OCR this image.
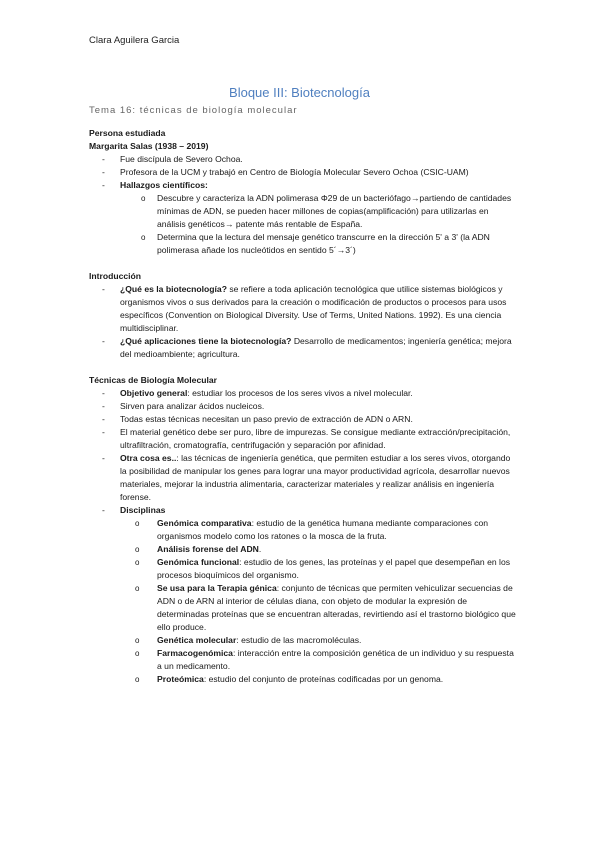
Clara Aguilera Garcia
Bloque III: Biotecnología
Tema 16: técnicas de biología molecular

Persona estudiada

Margarita Salas (1938 – 2019)

- Fue discípula de Severo Ochoa.
- Profesora de la UCM y trabajó en Centro de Biología Molecular Severo Ochoa (CSIC-UAM)
- Hallazgos científicos:
o Descubre y caracteriza la ADN polimerasa Φ29 de un bacteriófago→partiendo de cantidades mínimas de ADN, se pueden hacer millones de copias(amplificación) para utilizarlas en análisis genéticos→ patente más rentable de España.
o Determina que la lectura del mensaje genético transcurre en la dirección 5' a 3' (la ADN polimerasa añade los nucleótidos en sentido 5´→3´)

Introducción

- ¿Qué es la biotecnología? se refiere a toda aplicación tecnológica que utilice sistemas biológicos y organismos vivos o sus derivados para la creación o modificación de productos o procesos para usos específicos (Convention on Biological Diversity. Use of Terms, United Nations. 1992). Es una ciencia multidisciplinar.
- ¿Qué aplicaciones tiene la biotecnología? Desarrollo de medicamentos; ingeniería genética; mejora del medioambiente; agricultura.

Técnicas de Biología Molecular

- Objetivo general: estudiar los procesos de los seres vivos a nivel molecular.
- Sirven para analizar ácidos nucleicos.
- Todas estas técnicas necesitan un paso previo de extracción de ADN o ARN.
- El material genético debe ser puro, libre de impurezas. Se consigue mediante extracción/precipitación, ultrafiltración, cromatografía, centrifugación y separación por afinidad.
- Otra cosa es..: las técnicas de ingeniería genética, que permiten estudiar a los seres vivos, otorgando la posibilidad de manipular los genes para lograr una mayor productividad agrícola, desarrollar nuevos materiales, mejorar la industria alimentaria, caracterizar materiales y realizar análisis en ingeniería forense.
- Disciplinas
o Genómica comparativa: estudio de la genética humana mediante comparaciones con organismos modelo como los ratones o la mosca de la fruta.
o Análisis forense del ADN.
o Genómica funcional: estudio de los genes, las proteínas y el papel que desempeñan en los procesos bioquímicos del organismo.
o Se usa para la Terapia génica: conjunto de técnicas que permiten vehiculizar secuencias de ADN o de ARN al interior de células diana, con objeto de modular la expresión de determinadas proteínas que se encuentran alteradas, revirtiendo así el trastorno biológico que ello produce.
o Genética molecular: estudio de las macromoléculas.
o Farmacogenómica: interacción entre la composición genética de un individuo y su respuesta a un medicamento.
o Proteómica: estudio del conjunto de proteínas codificadas por un genoma.
